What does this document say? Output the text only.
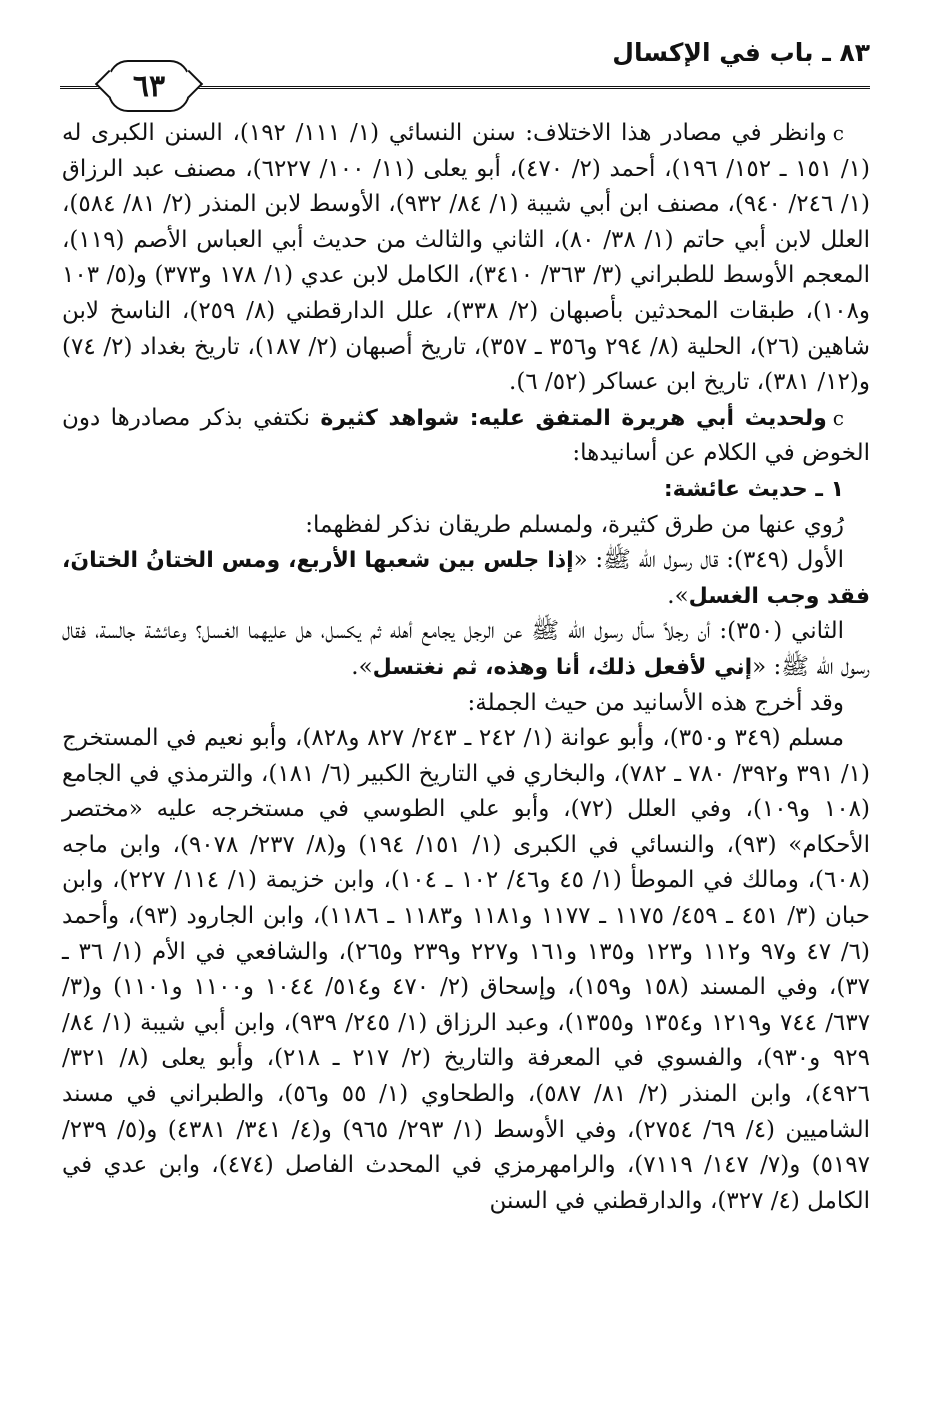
٨٣ ـ باب في الإكسال
٦٣

cوانظر في مصادر هذا الاختلاف: سنن النسائي (١/ ١١١/ ١٩٢)، السنن الكبرى له (١/ ١٥١ ـ ١٥٢/ ١٩٦)، أحمد (٢/ ٤٧٠)، أبو يعلى (١١/ ١٠٠/ ٦٢٢٧)، مصنف عبد الرزاق (١/ ٢٤٦/ ٩٤٠)، مصنف ابن أبي شيبة (١/ ٨٤/ ٩٣٢)، الأوسط لابن المنذر (٢/ ٨١/ ٥٨٤)، العلل لابن أبي حاتم (١/ ٣٨/ ٨٠)، الثاني والثالث من حديث أبي العباس الأصم (١١٩)، المعجم الأوسط للطبراني (٣/ ٣٦٣/ ٣٤١٠)، الكامل لابن عدي (١/ ١٧٨ و٣٧٣) و(٥/ ١٠٣ و١٠٨)، طبقات المحدثين بأصبهان (٢/ ٣٣٨)، علل الدارقطني (٨/ ٢٥٩)، الناسخ لابن شاهين (٢٦)، الحلية (٨/ ٢٩٤ و٣٥٦ ـ ٣٥٧)، تاريخ أصبهان (٢/ ١٨٧)، تاريخ بغداد (٢/ ٧٤) و(١٢/ ٣٨١)، تاريخ ابن عساكر (٥٢/ ٦).

cولحديث أبي هريرة المتفق عليه: شواهد كثيرة نكتفي بذكر مصادرها دون الخوض في الكلام عن أسانيدها:

١ ـ حديث عائشة:

رُوي عنها من طرق كثيرة، ولمسلم طريقان نذكر لفظهما:

الأول (٣٤٩): قال رسول الله ﷺ: «إذا جلس بين شعبها الأربع، ومس الختانُ الختانَ، فقد وجب الغسل».

الثاني (٣٥٠): أن رجلاً سأل رسول الله ﷺ عن الرجل يجامع أهله ثم يكسل، هل عليهما الغسل؟ وعائشة جالسة، فقال رسول الله ﷺ: «إني لأفعل ذلك، أنا وهذه، ثم نغتسل».

وقد أخرج هذه الأسانيد من حيث الجملة:

مسلم (٣٤٩ و٣٥٠)، وأبو عوانة (١/ ٢٤٢ ـ ٢٤٣/ ٨٢٧ و٨٢٨)، وأبو نعيم في المستخرج (١/ ٣٩١ و٣٩٢/ ٧٨٠ ـ ٧٨٢)، والبخاري في التاريخ الكبير (٦/ ١٨١)، والترمذي في الجامع (١٠٨ و١٠٩)، وفي العلل (٧٢)، وأبو علي الطوسي في مستخرجه عليه «مختصر الأحكام» (٩٣)، والنسائي في الكبرى (١/ ١٥١/ ١٩٤) و(٨/ ٢٣٧/ ٩٠٧٨)، وابن ماجه (٦٠٨)، ومالك في الموطأ (١/ ٤٥ و٤٦/ ١٠٢ ـ ١٠٤)، وابن خزيمة (١/ ١١٤/ ٢٢٧)، وابن حبان (٣/ ٤٥١ ـ ٤٥٩/ ١١٧٥ ـ ١١٧٧ و١١٨١ و١١٨٣ ـ ١١٨٦)، وابن الجارود (٩٣)، وأحمد (٦/ ٤٧ و٩٧ و١١٢ و١٢٣ و١٣٥ و١٦١ و٢٢٧ و٢٣٩ و٢٦٥)، والشافعي في الأم (١/ ٣٦ ـ ٣٧)، وفي المسند (١٥٨ و١٥٩)، وإسحاق (٢/ ٤٧٠ و٥١٤/ ١٠٤٤ و١١٠٠ و١١٠١) و(٣/ ٦٣٧/ ٧٤٤ و١٢١٩ و١٣٥٤ و١٣٥٥)، وعبد الرزاق (١/ ٢٤٥/ ٩٣٩)، وابن أبي شيبة (١/ ٨٤/ ٩٢٩ و٩٣٠)، والفسوي في المعرفة والتاريخ (٢/ ٢١٧ ـ ٢١٨)، وأبو يعلى (٨/ ٣٢١/ ٤٩٢٦)، وابن المنذر (٢/ ٨١/ ٥٨٧)، والطحاوي (١/ ٥٥ و٥٦)، والطبراني في مسند الشاميين (٤/ ٦٩/ ٢٧٥٤)، وفي الأوسط (١/ ٢٩٣/ ٩٦٥) و(٤/ ٣٤١/ ٤٣٨١) و(٥/ ٢٣٩/ ٥١٩٧) و(٧/ ١٤٧/ ٧١١٩)، والرامهرمزي في المحدث الفاصل (٤٧٤)، وابن عدي في الكامل (٤/ ٣٢٧)، والدارقطني في السنن
